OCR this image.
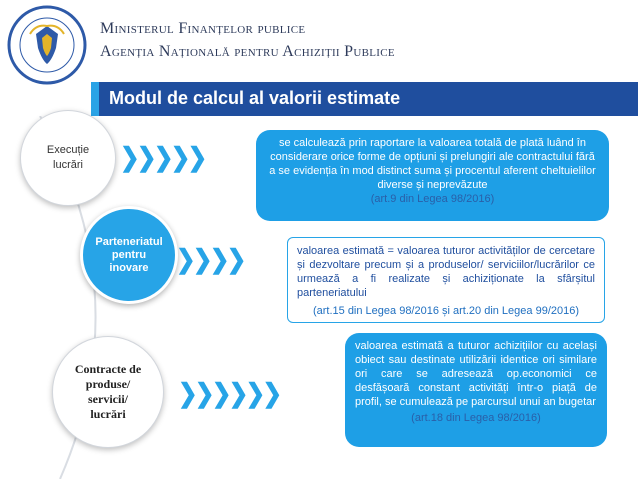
Ministerul Finanțelor publice
Agenția Națională pentru Achiziții Publice
Modul de calcul al valorii estimate
Execuție
lucrări
Parteneriatul
pentru
inovare
Contracte de
produse/
servicii/
lucrări
❯❯❯❯❯
❯❯❯❯
❯❯❯❯❯❯
se calculează prin raportare la valoarea totală de plată luând în considerare orice forme de opțiuni și prelungiri ale contractului fără a se evidenția în mod distinct suma și procentul aferent cheltuielilor diverse și neprevăzute
(art.9 din Legea 98/2016)
valoarea estimată = valoarea tuturor activităților de cercetare și dezvoltare precum și a produselor/ serviciilor/lucrărilor ce urmează a fi realizate și achiziționate la sfârșitul parteneriatului
(art.15 din Legea 98/2016 și art.20 din Legea 99/2016)
valoarea estimată a tuturor achizițiilor cu același obiect sau destinate utilizării identice ori similare ori care se adresează op.economici ce desfășoară constant activități într-o piață de profil, se cumulează pe parcursul unui an bugetar
(art.18 din Legea 98/2016)
